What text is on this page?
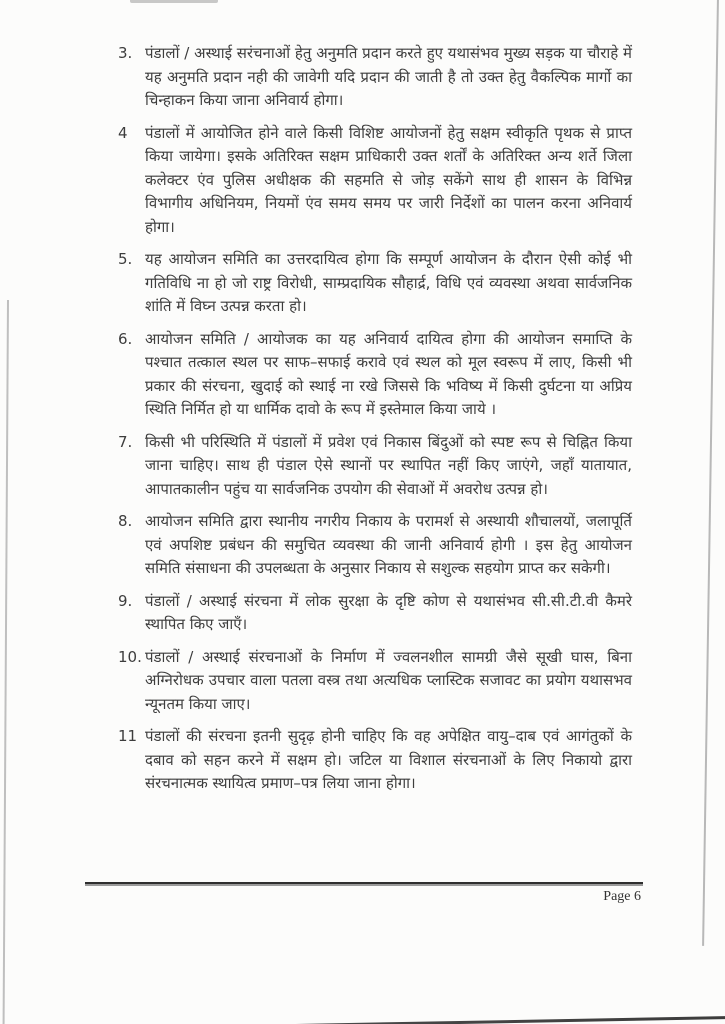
3. पंडालों / अस्थाई सरंचनाओं हेतु अनुमति प्रदान करते हुए यथासंभव मुख्य सड़क या चौराहे में यह अनुमति प्रदान नही की जावेगी यदि प्रदान की जाती है तो उक्त हेतु वैकल्पिक मार्गो का चिन्हाकन किया जाना अनिवार्य होगा।
4	पंडालों में आयोजित होने वाले किसी विशिष्ट आयोजनों हेतु सक्षम स्वीकृति पृथक से प्राप्त किया जायेगा। इसके अतिरिक्त सक्षम प्राधिकारी उक्त शर्तों के अतिरिक्त अन्य शर्ते जिला कलेक्टर एंव पुलिस अधीक्षक की सहमति से जोड़ सकेंगे साथ ही शासन के विभिन्न विभागीय अधिनियम, नियमों एंव समय समय पर जारी निर्देशों का पालन करना अनिवार्य होगा।
5. यह आयोजन समिति का उत्तरदायित्व होगा कि सम्पूर्ण आयोजन के दौरान ऐसी कोई भी गतिविधि ना हो जो राष्ट्र विरोधी, साम्प्रदायिक सौहार्द्र, विधि एवं व्यवस्था अथवा सार्वजनिक शांति में विघ्न उत्पन्न करता हो।
6. आयोजन समिति / आयोजक का यह अनिवार्य दायित्व होगा की आयोजन समाप्ति के पश्चात तत्काल स्थल पर साफ–सफाई करावे एवं स्थल को मूल स्वरूप में लाए, किसी भी प्रकार की संरचना, खुदाई को स्थाई ना रखे जिससे कि भविष्य में किसी दुर्घटना या अप्रिय स्थिति निर्मित हो या धार्मिक दावो के रूप में इस्तेमाल किया जाये ।
7. किसी भी परिस्थिति में पंडालों में प्रवेश एवं निकास बिंदुओं को स्पष्ट रूप से चिह्नित किया जाना चाहिए। साथ ही पंडाल ऐसे स्थानों पर स्थापित नहीं किए जाएंगे, जहाँ यातायात, आपातकालीन पहुंच या सार्वजनिक उपयोग की सेवाओं में अवरोध उत्पन्न हो।
8. आयोजन समिति द्वारा स्थानीय नगरीय निकाय के परामर्श से अस्थायी शौचालयों, जलापूर्ति एवं अपशिष्ट प्रबंधन की समुचित व्यवस्था की जानी अनिवार्य होगी । इस हेतु आयोजन समिति संसाधना की उपलब्धता के अनुसार निकाय से सशुल्क सहयोग प्राप्त कर सकेगी।
9. पंडालों / अस्थाई संरचना में लोक सुरक्षा के दृष्टि कोण से यथासंभव सी.सी.टी.वी कैमरे स्थापित किए जाएँ।
10. पंडालों / अस्थाई संरचनाओं के निर्माण में ज्वलनशील सामग्री जैसे सूखी घास, बिना अग्निरोधक उपचार वाला पतला वस्त्र तथा अत्यधिक प्लास्टिक सजावट का प्रयोग यथासभव न्यूनतम किया जाए।
11 पंडालों की संरचना इतनी सुदृढ़ होनी चाहिए कि वह अपेक्षित वायु–दाब एवं आगंतुकों के दबाव को सहन करने में सक्षम हो। जटिल या विशाल संरचनाओं के लिए निकायो द्वारा संरचनात्मक स्थायित्व प्रमाण–पत्र लिया जाना होगा।
Page 6
